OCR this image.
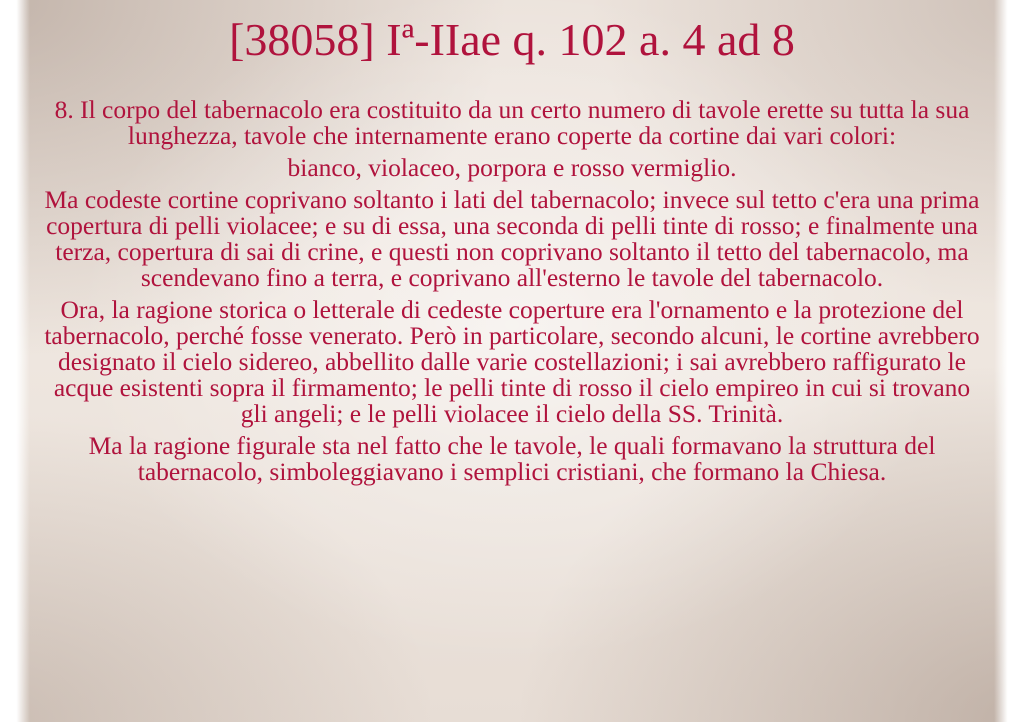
[38058] Iª-IIae q. 102 a. 4 ad 8

8. Il corpo del tabernacolo era costituito da un certo numero di tavole erette su tutta la sua lunghezza, tavole che internamente erano coperte da cortine dai vari colori:

bianco, violaceo, porpora e rosso vermiglio.

Ma codeste cortine coprivano soltanto i lati del tabernacolo; invece sul tetto c'era una prima copertura di pelli violacee; e su di essa, una seconda di pelli tinte di rosso; e finalmente una terza, copertura di sai di crine, e questi non coprivano soltanto il tetto del tabernacolo, ma scendevano fino a terra, e coprivano all'esterno le tavole del tabernacolo.

Ora, la ragione storica o letterale di cedeste coperture era l'ornamento e la protezione del tabernacolo, perché fosse venerato. Però in particolare, secondo alcuni, le cortine avrebbero designato il cielo sidereo, abbellito dalle varie costellazioni; i sai avrebbero raffigurato le acque esistenti sopra il firmamento; le pelli tinte di rosso il cielo empireo in cui si trovano gli angeli; e le pelli violacee il cielo della SS. Trinità.

Ma la ragione figurale sta nel fatto che le tavole, le quali formavano la struttura del tabernacolo, simboleggiavano i semplici cristiani, che formano la Chiesa.
